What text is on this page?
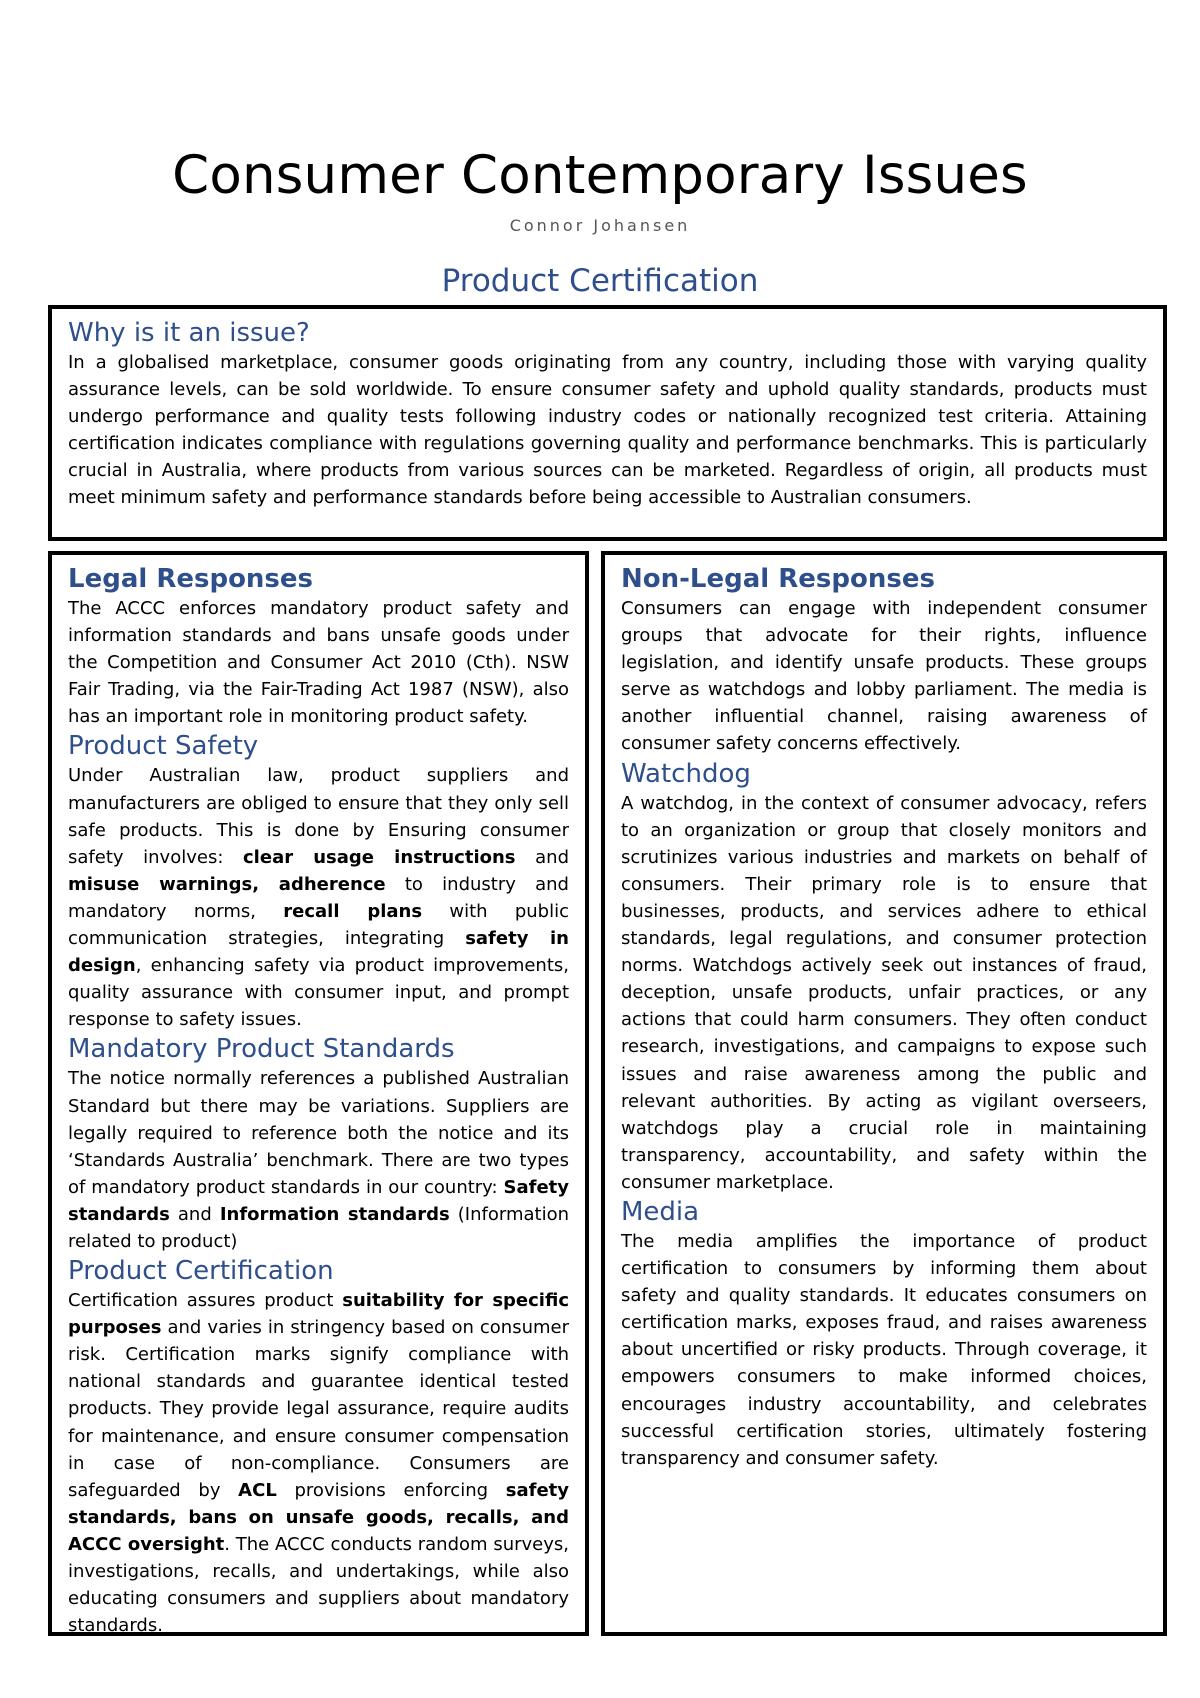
Consumer Contemporary Issues
Connor Johansen
Product Certification
Why is it an issue?

In a globalised marketplace, consumer goods originating from any country, including those with varying quality assurance levels, can be sold worldwide. To ensure consumer safety and uphold quality standards, products must undergo performance and quality tests following industry codes or nationally recognized test criteria. Attaining certification indicates compliance with regulations governing quality and performance benchmarks. This is particularly crucial in Australia, where products from various sources can be marketed. Regardless of origin, all products must meet minimum safety and performance standards before being accessible to Australian consumers.

Legal Responses

The ACCC enforces mandatory product safety and information standards and bans unsafe goods under the Competition and Consumer Act 2010 (Cth). NSW Fair Trading, via the Fair-Trading Act 1987 (NSW), also has an important role in monitoring product safety.

Product Safety

Under Australian law, product suppliers and manufacturers are obliged to ensure that they only sell safe products. This is done by Ensuring consumer safety involves: clear usage instructions and misuse warnings, adherence to industry and mandatory norms, recall plans with public communication strategies, integrating safety in design, enhancing safety via product improvements, quality assurance with consumer input, and prompt response to safety issues.

Mandatory Product Standards

The notice normally references a published Australian Standard but there may be variations. Suppliers are legally required to reference both the notice and its ‘Standards Australia’ benchmark. There are two types of mandatory product standards in our country: Safety standards and Information standards (Information related to product)

Product Certification

Certification assures product suitability for specific purposes and varies in stringency based on consumer risk. Certification marks signify compliance with national standards and guarantee identical tested products. They provide legal assurance, require audits for maintenance, and ensure consumer compensation in case of non-compliance. Consumers are safeguarded by ACL provisions enforcing safety standards, bans on unsafe goods, recalls, and ACCC oversight. The ACCC conducts random surveys, investigations, recalls, and undertakings, while also educating consumers and suppliers about mandatory standards.

Non-Legal Responses

Consumers can engage with independent consumer groups that advocate for their rights, influence legislation, and identify unsafe products. These groups serve as watchdogs and lobby parliament. The media is another influential channel, raising awareness of consumer safety concerns effectively.

Watchdog

A watchdog, in the context of consumer advocacy, refers to an organization or group that closely monitors and scrutinizes various industries and markets on behalf of consumers. Their primary role is to ensure that businesses, products, and services adhere to ethical standards, legal regulations, and consumer protection norms. Watchdogs actively seek out instances of fraud, deception, unsafe products, unfair practices, or any actions that could harm consumers. They often conduct research, investigations, and campaigns to expose such issues and raise awareness among the public and relevant authorities. By acting as vigilant overseers, watchdogs play a crucial role in maintaining transparency, accountability, and safety within the consumer marketplace.

Media

The media amplifies the importance of product certification to consumers by informing them about safety and quality standards. It educates consumers on certification marks, exposes fraud, and raises awareness about uncertified or risky products. Through coverage, it empowers consumers to make informed choices, encourages industry accountability, and celebrates successful certification stories, ultimately fostering transparency and consumer safety.
